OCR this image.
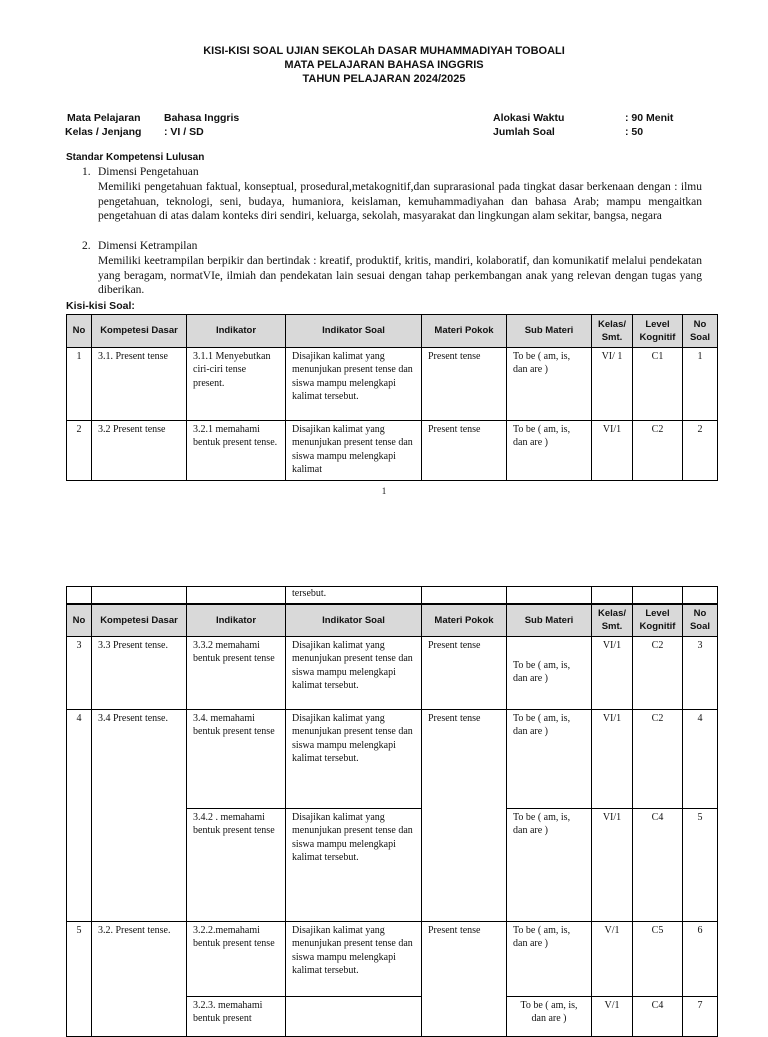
KISI-KISI SOAL UJIAN SEKOLAh DASAR MUHAMMADIYAH TOBOALI
MATA PELAJARAN BAHASA INGGRIS
TAHUN PELAJARAN 2024/2025
Mata Pelajaran Bahasa Inggris
Kelas / Jenjang : VI / SD
Alokasi Waktu	: 90 Menit
Jumlah Soal	: 50
Standar Kompetensi Lulusan
1. Dimensi Pengetahuan
Memiliki pengetahuan faktual, konseptual, prosedural,metakognitif,dan suprarasional pada tingkat dasar berkenaan dengan : ilmu pengetahuan, teknologi, seni, budaya, humaniora, keislaman, kemuhammadiyahan dan bahasa Arab; mampu mengaitkan pengetahuan di atas dalam konteks diri sendiri, keluarga, sekolah, masyarakat dan lingkungan alam sekitar, bangsa, negara
2. Dimensi Ketrampilan
Memiliki keetrampilan berpikir dan bertindak : kreatif, produktif, kritis, mandiri, kolaboratif, dan komunikatif melalui pendekatan yang beragam, normatVIe, ilmiah dan pendekatan lain sesuai dengan tahap perkembangan anak yang relevan dengan tugas yang diberikan.
Kisi-kisi Soal:
No	Kompetesi Dasar	Indikator	Indikator Soal	Materi Pokok	Sub Materi	Kelas/ Smt.	Level Kognitif	No Soal
1	3.1. Present tense	3.1.1 Menyebutkan ciri-ciri tense present.	Disajikan kalimat yang menunjukan present tense dan siswa mampu melengkapi kalimat tersebut.	Present tense	To be ( am, is, dan are )	VI/ 1	C1	1
2	3.2 Present tense	3.2.1 memahami bentuk present tense.	Disajikan kalimat yang menunjukan present tense dan siswa mampu melengkapi kalimat	Present tense	To be ( am, is, dan are )	VI/1	C2	2
1
			tersebut.					
No	Kompetesi Dasar	Indikator	Indikator Soal	Materi Pokok	Sub Materi	Kelas/ Smt.	Level Kognitif	No Soal
3	3.3 Present tense.	3.3.2 memahami bentuk present tense	Disajikan kalimat yang menunjukan present tense dan siswa mampu melengkapi kalimat tersebut.	Present tense	To be ( am, is, dan are )	VI/1	C2	3
4	3.4 Present tense.	3.4. memahami bentuk present tense	Disajikan kalimat yang menunjukan present tense dan siswa mampu melengkapi kalimat tersebut.	Present tense	To be ( am, is, dan are )	VI/1	C2	4
		3.4.2 . memahami bentuk present tense	Disajikan kalimat yang menunjukan present tense dan siswa mampu melengkapi kalimat tersebut.		To be ( am, is, dan are )	VI/1	C4	5
5	3.2. Present tense.	3.2.2.memahami bentuk present tense	Disajikan kalimat yang menunjukan present tense dan siswa mampu melengkapi kalimat tersebut.	Present tense	To be ( am, is, dan are )	V/1	C5	6
		3.2.3. memahami bentuk present			To be ( am, is, dan are )	V/1	C4	7
